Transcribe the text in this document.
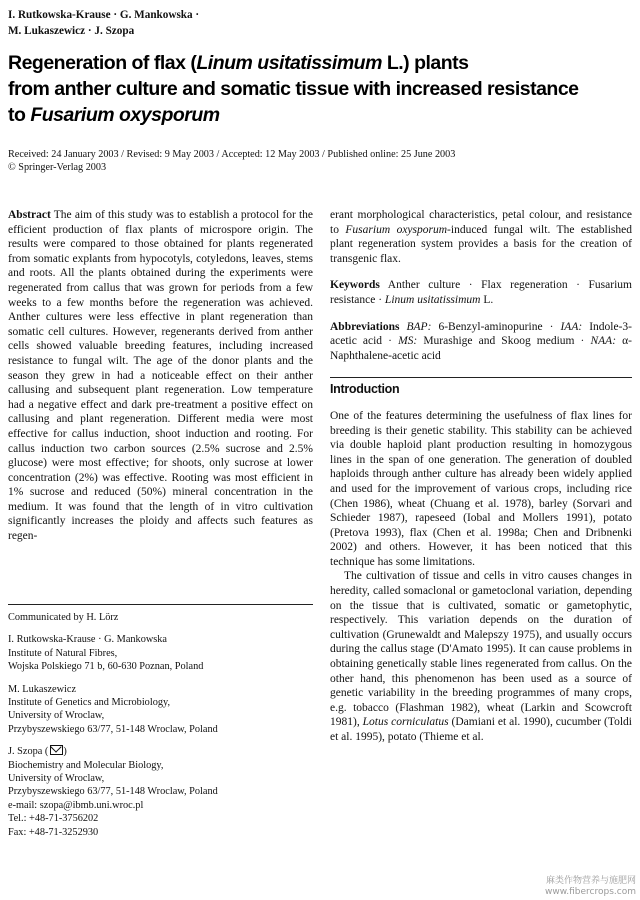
I. Rutkowska-Krause · G. Mankowska ·
M. Lukaszewicz · J. Szopa
Regeneration of flax (Linum usitatissimum L.) plants
from anther culture and somatic tissue with increased resistance
to Fusarium oxysporum
Received: 24 January 2003 / Revised: 9 May 2003 / Accepted: 12 May 2003 / Published online: 25 June 2003
© Springer-Verlag 2003
Abstract The aim of this study was to establish a protocol for the efficient production of flax plants of microspore origin. The results were compared to those obtained for plants regenerated from somatic explants from hypocotyls, cotyledons, leaves, stems and roots. All the plants obtained during the experiments were regenerated from callus that was grown for periods from a few weeks to a few months before the regeneration was achieved. Anther cultures were less effective in plant regeneration than somatic cell cultures. However, regenerants derived from anther cells showed valuable breeding features, including increased resistance to fungal wilt. The age of the donor plants and the season they grew in had a noticeable effect on their anther callusing and subsequent plant regeneration. Low temperature had a negative effect and dark pre-treatment a positive effect on callusing and plant regeneration. Different media were most effective for callus induction, shoot induction and rooting. For callus induction two carbon sources (2.5% sucrose and 2.5% glucose) were most effective; for shoots, only sucrose at lower concentration (2%) was effective. Rooting was most efficient in 1% sucrose and reduced (50%) mineral concentration in the medium. It was found that the length of in vitro cultivation significantly increases the ploidy and affects such features as regen-
Communicated by H. Lörz
I. Rutkowska-Krause · G. Mankowska
Institute of Natural Fibres,
Wojska Polskiego 71 b, 60-630 Poznan, Poland
M. Lukaszewicz
Institute of Genetics and Microbiology,
University of Wroclaw,
Przybyszewskiego 63/77, 51-148 Wroclaw, Poland
J. Szopa ( )
Biochemistry and Molecular Biology,
University of Wroclaw,
Przybyszewskiego 63/77, 51-148 Wroclaw, Poland
e-mail: szopa@ibmb.uni.wroc.pl
Tel.: +48-71-3756202
Fax: +48-71-3252930
erant morphological characteristics, petal colour, and resistance to Fusarium oxysporum-induced fungal wilt. The established plant regeneration system provides a basis for the creation of transgenic flax.
Keywords Anther culture · Flax regeneration · Fusarium resistance · Linum usitatissimum L.
Abbreviations BAP: 6-Benzyl-aminopurine · IAA: Indole-3-acetic acid · MS: Murashige and Skoog medium · NAA: α-Naphthalene-acetic acid
Introduction
One of the features determining the usefulness of flax lines for breeding is their genetic stability. This stability can be achieved via double haploid plant production resulting in homozygous lines in the span of one generation. The generation of doubled haploids through anther culture has already been widely applied and used for the improvement of various crops, including rice (Chen 1986), wheat (Chuang et al. 1978), barley (Sorvari and Schieder 1987), rapeseed (Iobal and Mollers 1991), potato (Pretova 1993), flax (Chen et al. 1998a; Chen and Dribnenki 2002) and others. However, it has been noticed that this technique has some limitations.
The cultivation of tissue and cells in vitro causes changes in heredity, called somaclonal or gametoclonal variation, depending on the tissue that is cultivated, somatic or gametophytic, respectively. This variation depends on the duration of cultivation (Grunewaldt and Malepszy 1975), and usually occurs during the callus stage (D'Amato 1995). It can cause problems in obtaining genetically stable lines regenerated from callus. On the other hand, this phenomenon has been used as a source of genetic variability in the breeding programmes of many crops, e.g. tobacco (Flashman 1982), wheat (Larkin and Scowcroft 1981), Lotus corniculatus (Damiani et al. 1990), cucumber (Toldi et al. 1995), potato (Thieme et al.
麻类作物营养与施肥网
www.fibercrops.com
